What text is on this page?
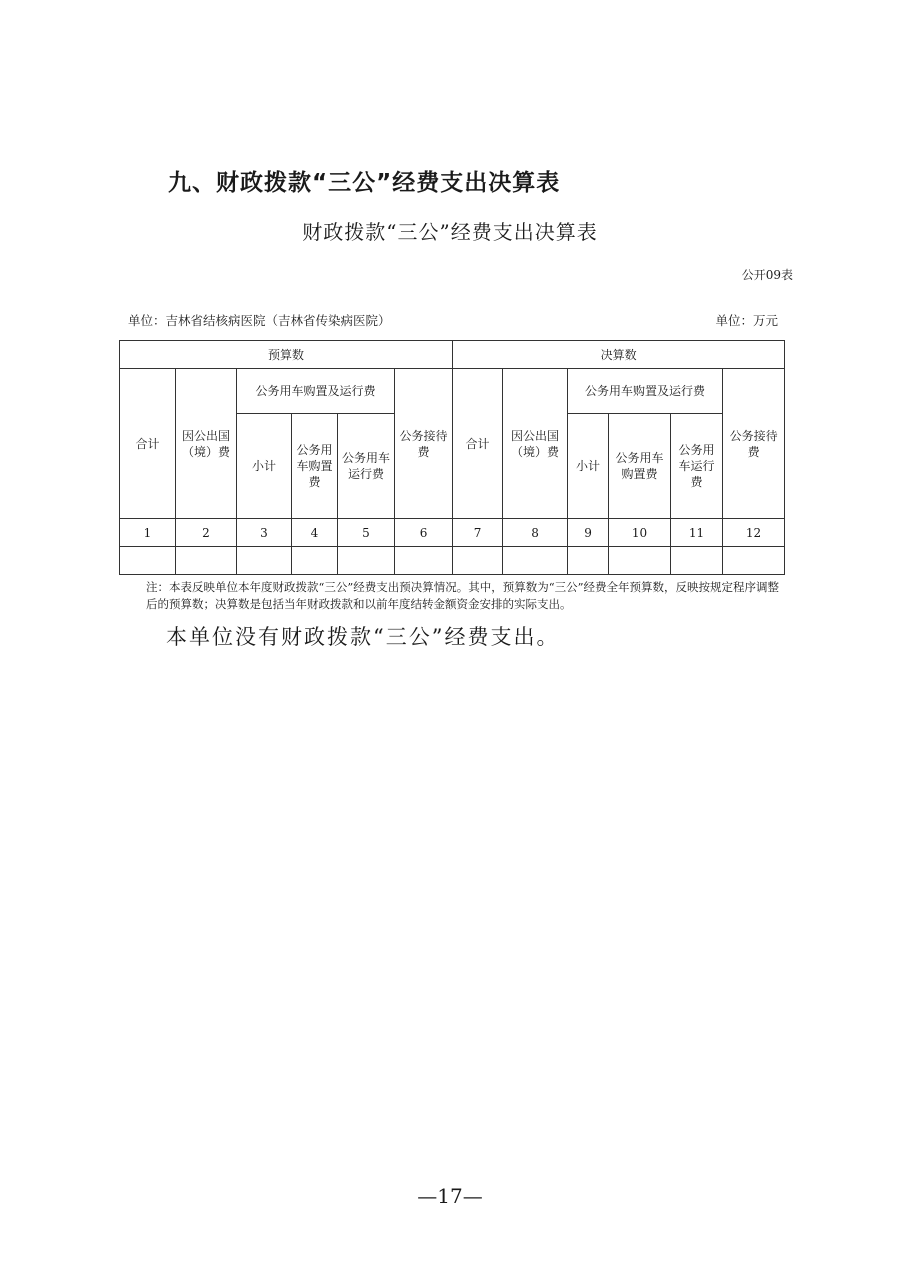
九、财政拨款“三公”经费支出决算表
财政拨款“三公”经费支出决算表
公开09表
单位：吉林省结核病医院（吉林省传染病医院）	单位：万元
预算数						决算数					
合计	因公出国（境）费	公务用车购置及运行费			公务接待费	合计	因公出国（境）费	公务用车购置及运行费			公务接待费
		小计	公务用车购置费	公务用车运行费				小计	公务用车购置费	公务用车运行费	
1	2	3	4	5	6	7	8	9	10	11	12

注：本表反映单位本年度财政拨款“三公”经费支出预决算情况。其中，预算数为“三公”经费全年预算数，反映按规定程序调整后的预算数；决算数是包括当年财政拨款和以前年度结转金额资金安排的实际支出。
本单位没有财政拨款“三公”经费支出。
—17—
